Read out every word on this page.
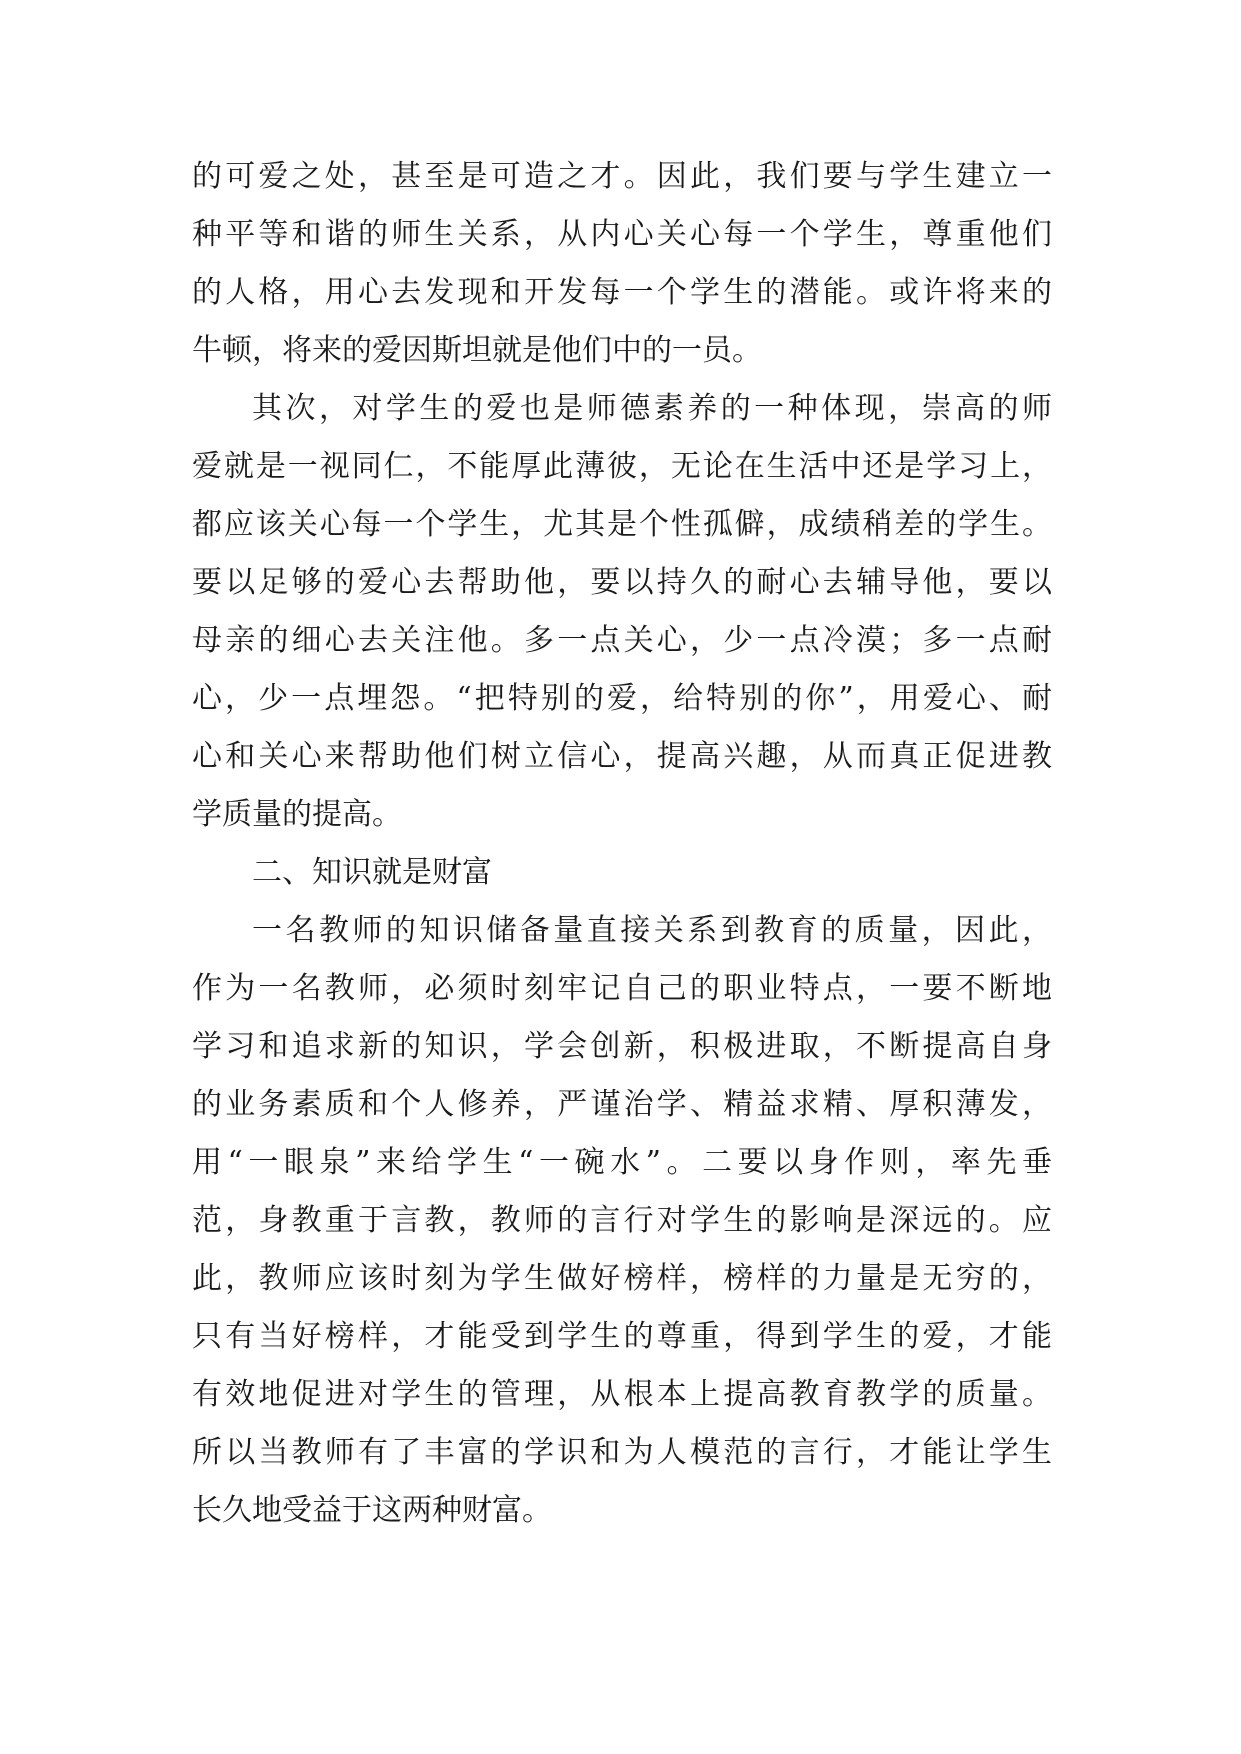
的可爱之处，甚至是可造之才。因此，我们要与学生建立一
种平等和谐的师生关系，从内心关心每一个学生，尊重他们
的人格，用心去发现和开发每一个学生的潜能。或许将来的
牛顿，将来的爱因斯坦就是他们中的一员。
其次，对学生的爱也是师德素养的一种体现，崇高的师
爱就是一视同仁，不能厚此薄彼，无论在生活中还是学习上，
都应该关心每一个学生，尤其是个性孤僻，成绩稍差的学生。
要以足够的爱心去帮助他，要以持久的耐心去辅导他，要以
母亲的细心去关注他。多一点关心，少一点冷漠；多一点耐
心，少一点埋怨。“把特别的爱，给特别的你”，用爱心、耐
心和关心来帮助他们树立信心，提高兴趣，从而真正促进教
学质量的提高。
二、知识就是财富
一名教师的知识储备量直接关系到教育的质量，因此，
作为一名教师，必须时刻牢记自己的职业特点，一要不断地
学习和追求新的知识，学会创新，积极进取，不断提高自身
的业务素质和个人修养，严谨治学、精益求精、厚积薄发，
用“一眼泉”来给学生“一碗水”。二要以身作则，率先垂
范，身教重于言教，教师的言行对学生的影响是深远的。应
此，教师应该时刻为学生做好榜样，榜样的力量是无穷的，
只有当好榜样，才能受到学生的尊重，得到学生的爱，才能
有效地促进对学生的管理，从根本上提高教育教学的质量。
所以当教师有了丰富的学识和为人模范的言行，才能让学生
长久地受益于这两种财富。
